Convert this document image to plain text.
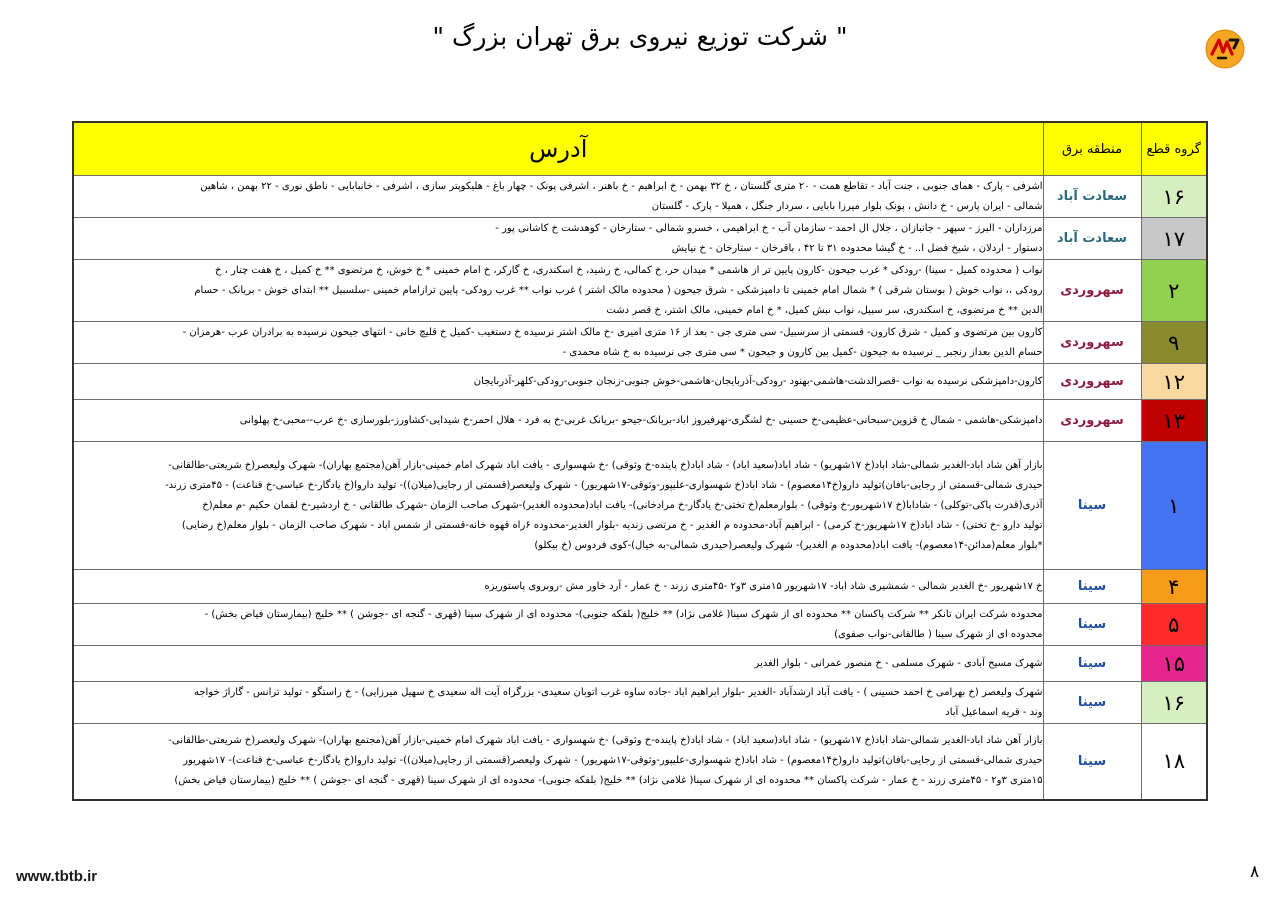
" شرکت توزیع نیروی برق تهران بزرگ "
گروه قطع	منطقه برق	آدرس
۱۶	سعادت آباد	اشرفی - پارک - همای جنوبی ، جنت آباد - تقاطع همت - ۲۰ متری گلستان ، خ ۳۲ بهمن - خ ابراهیم - خ باهنر ، اشرفی پونک - چهار باغ - هلیکوپتر سازی ، اشرفی - خانبابایی - ناطق نوری - ۲۲ بهمن ، شاهین
شمالی - ایران پارس - خ دانش ، پونک بلوار میرزا بابایی ، سردار جنگل ، همیلا - پارک - گلستان

۱۷	سعادت آباد	مرزداران - البرز - سپهر - جانبازان ، جلال ال احمد - سازمان آب - خ ابراهیمی ، خسرو شمالی - ستارخان - کوهدشت خ کاشانی پور -
دستوار - اردلان ، شیخ فضل ا.. - خ گیشا محدوده ۳۱ تا ۴۲ ، باقرخان - ستارخان - خ نیایش

۲	سهروردی	نواب ( محدوده کمیل - سینا) -رودکی * غرب جیحون -کارون پایین تر از هاشمی * میدان حر، خ کمالی، خ رشید، خ اسکندری، خ گارکر، خ امام خمینی * خ خوش، خ مرتضوی ** خ کمیل ، خ هفت چنار ، خ
رودکی ،، نواب خوش ( بوستان شرقی ) * شمال امام خمینی تا دامپزشکی - شرق جیحون ( محدوده مالک اشتر ) غرب نواب ** غرب رودکی- پایین ترازامام خمینی -سلسبیل ** ابتدای خوش - بریانک - حسام
الدین ** خ مرتضوی، خ اسکندری، سر سبیل، نواب نبش کمیل، * خ امام خمینی، مالک اشتر، خ قصر دشت

۹	سهروردی	کارون بین مرتضوی و کمیل - شرق کارون- قسمتی از سرسبیل- سی متری جی - بعد از ۱۶ متری امیری -خ مالک اشتر نرسیده خ دستغیب -کمیل خ قلیچ خانی - انتهای جیحون نرسیده به برادران عرب -هرمزان -
حسام الدین بعداز رنجبر _ نرسیده به جیحون -کمیل بین کارون و جیحون * سی متری جی نرسیده به خ شاه محمدی -

۱۲	سهروردی	کارون-دامپزشکی نرسیده به نواب -قصرالدشت-هاشمی-بهنود -رودکی-آذربایجان-هاشمی-خوش جنوبی-زنجان جنوبی-رودکی-کلهر-آذربایجان

۱۳	سهروردی	دامپزشکی-هاشمی - شمال خ قزوین-سبحانی-عظیمی-خ حسینی -خ لشگری-نهرفیروز اباد-بریانک-جیحو -بریانک غربی-خ به فرد - هلال احمر-خ شیدایی-کشاورز-بلورسازی -خ عرب--محبی-خ پهلوانی

۱	سینا	بازار آهن شاد اباد-الغدیر شمالی-شاد اباد(خ ۱۷شهریو) - شاد اباد(سعید اباد) - شاد اباد(خ پاینده-خ وثوقی) -خ شهسواری - یافت اباد شهرک امام خمینی-بازار آهن(مجتمع بهاران)- شهرک ولیعصر(خ شریعتی-طالقانی-
حیدری شمالی-قسمتی از رجایی-بافان)تولید دارو(خ۱۴معصوم) - شاد اباد(خ شهسواری-علیپور-وثوقی-۱۷شهریور) - شهرک ولیعصر(قسمتی از رجایی(میلان))- تولید داروا(خ یادگار-خ عباسی-خ قناعت) - ۴۵متری زرند-
آذری(قدرت پاکی-توکلی) - شادابا(خ ۱۷شهریور-خ وثوقی) - بلوارمعلم(خ تختی-خ یادگار-خ مرادخانی)- یافت اباد(محدوده الغدیر)-شهرک صاحب الزمان -شهرک طالقانی - خ اردشیر-خ لقمان حکیم -م معلم(خ
تولید دارو -خ تختی) - شاد اباد(خ ۱۷شهریور-خ کرمی) - ابراهیم آباد-محدوده م الغدیر - خ مرتضی زندیه -بلوار الغدیر-محدوده ۶راه قهوه خانه-قسمتی از شمس اباد - شهرک صاحب الزمان - بلوار معلم(خ رضایی)
*بلوار معلم(مدائن-۱۴معصوم)- یافت اباد(محدوده م الغدیر)- شهرک ولیعصر(حیدری شمالی-به خیال)-کوی فردوس (خ بیکلو)

۴	سینا	خ ۱۷شهریور -خ الغدیر شمالی - شمشیری شاد اباد- ۱۷شهریور ۱۵متری ۳و۲ -۴۵متری زرند - خ عمار - آرد خاور مش -روبروی پاستوریزه

۵	سینا	محدوده شرکت ایران تانکر ** شرکت پاکسان ** محدوده ای از شهرک سینا( غلامی نژاد) ** خلیج( بلفکه جنوبی)- محدوده ای از شهرک سینا (قهری - گنجه ای -جوشن ) ** خلیج (بیمارستان فیاض بخش) -
محدوده ای از شهرک سینا ( طالقانی-نواب صفوی)

۱۵	سینا	شهرک مسیح آبادی - شهرک مسلمی - خ منصور عمرانی - بلوار الغدیر

۱۶	سینا	شهرک ولیعصر (خ بهرامی خ احمد حسینی ) - یافت آباد ارشدآباد -الغدیر -بلوار ابراهیم اباد -جاده ساوه غرب اتوبان سعیدی- بزرگراه آیت اله سعیدی خ سهیل میرزایی) - خ راستگو - تولید ترانس - گاراژ خواجه
وند - قریه اسماعیل آباد

۱۸	سینا	بازار آهن شاد اباد-الغدیر شمالی-شاد اباد(خ ۱۷شهریو) - شاد اباد(سعید اباد) - شاد اباد(خ پاینده-خ وثوقی) -خ شهسواری - یافت اباد شهرک امام خمینی-بازار آهن(مجتمع بهاران)- شهرک ولیعصر(خ شریعتی-طالقانی-
حیدری شمالی-قسمتی از رجایی-بافان)تولید دارو(خ۱۴معصوم) - شاد اباد(خ شهسواری-علیپور-وثوقی-۱۷شهریور) - شهرک ولیعصر(قسمتی از رجایی(میلان))- تولید داروا(خ یادگار-خ عباسی-خ قناعت)- ۱۷شهریور
۱۵متری ۳و۲ - ۴۵متری زرند - خ عمار - شرکت پاکسان ** محدوده ای از شهرک سینا( غلامی نژاد) ** خلیج( بلفکه جنوبی)- محدوده ای از شهرک سینا (قهری - گنجه ای -جوشن ) ** خلیج (بیمارستان فیاض بخش)
www.tbtb.ir	۸
